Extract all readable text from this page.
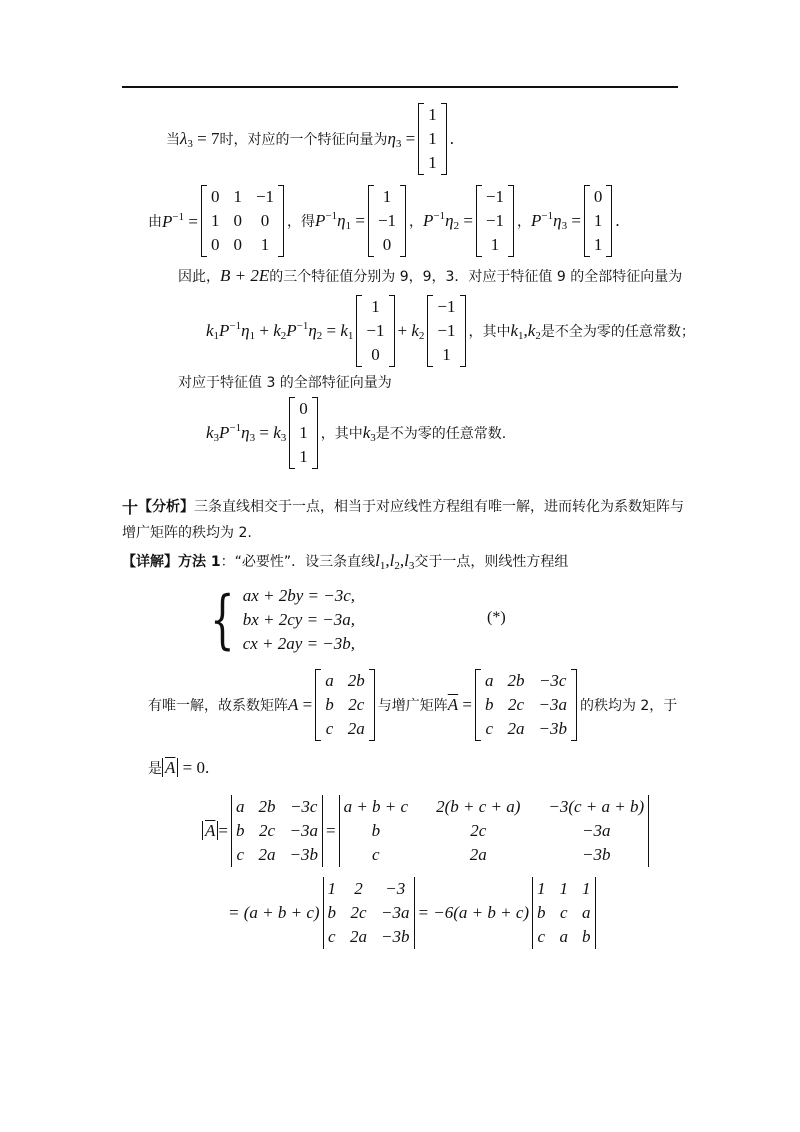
当 $\lambda_3 = 7$ 时，对应的一个特征向量为 $\eta_3$ =
1
1
1
.
由 $P^{-1}$ =
0 1 −1
1 0 0
0 0 1
，得 $P^{-1}\eta_1$ =
1
−1
0
， $P^{-1}\eta_2$ =
−1
−1
1
， $P^{-1}\eta_3$ =
0
1
1
.
因此， B + 2E 的三个特征值分别为 9，9，3．对应于特征值 9 的全部特征向量为
$k_1P^{-1}\eta_1 + k_2P^{-1}\eta_2 = k_1$
1
−1
0
+ $k_2$
−1
−1
1
，其中 $k_1,k_2$ 是不全为零的任意常数；
对应于特征值 3 的全部特征向量为
$k_3P^{-1}\eta_3 = k_3$
0
1
1
，其中 $k_3$ 是不为零的任意常数.
十 【分析】 三条直线相交于一点，相当于对应线性方程组有唯一解，进而转化为系数矩阵与
增广矩阵的秩均为 2.
【详解】 方法 1 ： “必要性”．设三条直线 $l_1,l_2,l_3$ 交于一点，则线性方程组
{ ax + 2by = −3c,
bx + 2cy = −3a,
cx + 2ay = −3b,
(*)
有唯一解，故系数矩阵 A =
a 2b
b 2c
c 2a
与增广矩阵 $\overline{A}$ =
a 2b −3c
b 2c −3a
c 2a −3b
的秩均为 2，于
是 $\overline{A} = 0$.
$\overline{A}$ =
a 2b −3c
b 2c −3a
c 2a −3b
=
a + b + c 2(b + c + a) −3(c + a + b)
b	2c	−3a
c	2a	−3b
= (a + b + c)
1 2 −3
b 2c −3a
c 2a −3b
= −6(a + b + c)
1 1 1
b c a
c a b
